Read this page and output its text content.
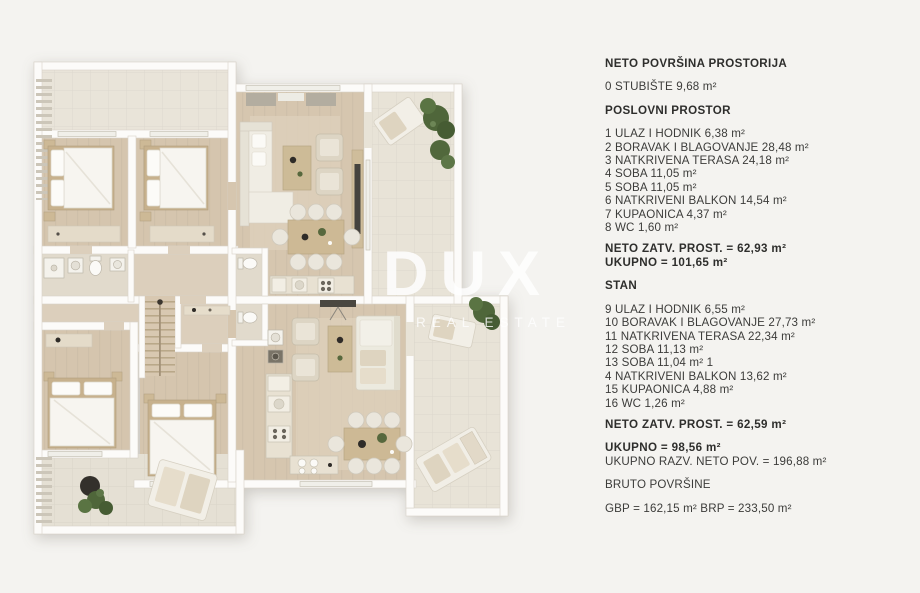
DUX
REAL ESTATE
NETO POVRŠINA PROSTORIJA
0 STUBIŠTE 9,68 m²
POSLOVNI PROSTOR
1 ULAZ I HODNIK 6,38 m²
2 BORAVAK I BLAGOVANJE 28,48 m²
3 NATKRIVENA TERASA 24,18 m²
4 SOBA 11,05 m²
5 SOBA 11,05 m²
6 NATKRIVENI BALKON 14,54 m²
7 KUPAONICA 4,37 m²
8 WC 1,60 m²
NETO ZATV. PROST. = 62,93 m²
UKUPNO = 101,65 m²
STAN
9 ULAZ I HODNIK 6,55 m²
10 BORAVAK I BLAGOVANJE 27,73 m²
11 NATKRIVENA TERASA 22,34 m²
12 SOBA 11,13 m²
13 SOBA 11,04 m² 1
4 NATKRIVENI BALKON 13,62 m²
15 KUPAONICA 4,88 m²
16 WC 1,26 m²
NETO ZATV. PROST. = 62,59 m²
UKUPNO = 98,56 m²
UKUPNO RAZV. NETO POV. = 196,88 m²
BRUTO POVRŠINE
GBP = 162,15 m² BRP = 233,50 m²
